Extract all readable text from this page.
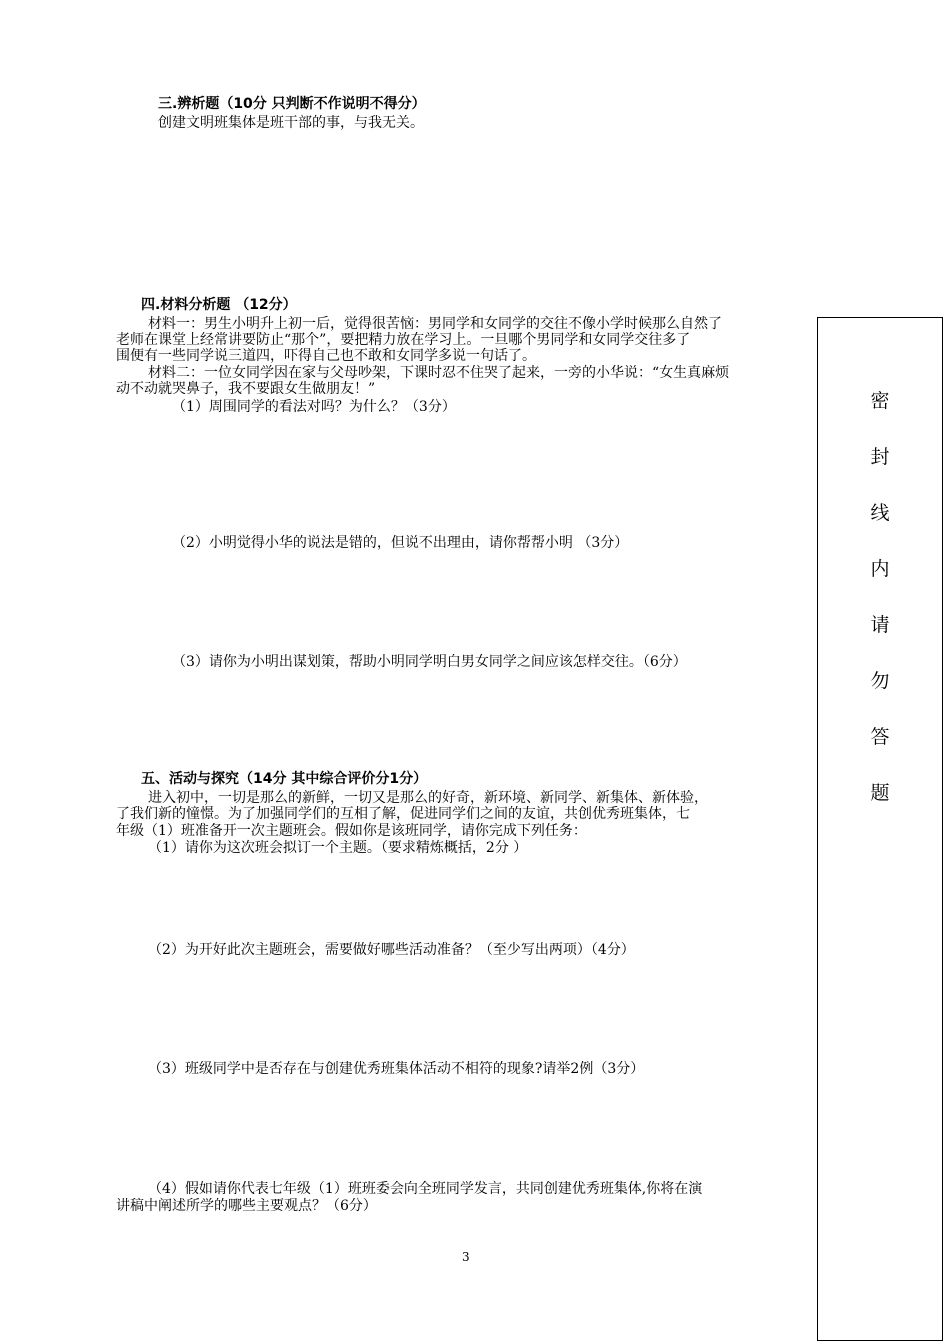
三.辨析题（10分 只判断不作说明不得分）
创建文明班集体是班干部的事，与我无关。
四.材料分析题 （12分）
材料一：男生小明升上初一后，觉得很苦恼：男同学和女同学的交往不像小学时候那么自然了
老师在课堂上经常讲要防止“那个”，要把精力放在学习上。一旦哪个男同学和女同学交往多了
围便有一些同学说三道四，吓得自己也不敢和女同学多说一句话了。
材料二：一位女同学因在家与父母吵架，下课时忍不住哭了起来，一旁的小华说：“女生真麻烦
动不动就哭鼻子，我不要跟女生做朋友！”
（1）周围同学的看法对吗？为什么？（3分）
（2）小明觉得小华的说法是错的，但说不出理由，请你帮帮小明 （3分）
（3）请你为小明出谋划策，帮助小明同学明白男女同学之间应该怎样交往。（6分）
五、活动与探究（14分 其中综合评价分1分）
进入初中，一切是那么的新鲜，一切又是那么的好奇，新环境、新同学、新集体、新体验，
了我们新的憧憬。为了加强同学们的互相了解，促进同学们之间的友谊，共创优秀班集体，七
年级（1）班准备开一次主题班会。假如你是该班同学，请你完成下列任务：
（1）请你为这次班会拟订一个主题。（要求精炼概括，2分 ）
（2）为开好此次主题班会，需要做好哪些活动准备？（至少写出两项）（4分）
（3）班级同学中是否存在与创建优秀班集体活动不相符的现象?请举2例（3分）
（4）假如请你代表七年级（1）班班委会向全班同学发言，共同创建优秀班集体,你将在演
讲稿中阐述所学的哪些主要观点？（6分）
3
密
封
线
内
请
勿
答
题
